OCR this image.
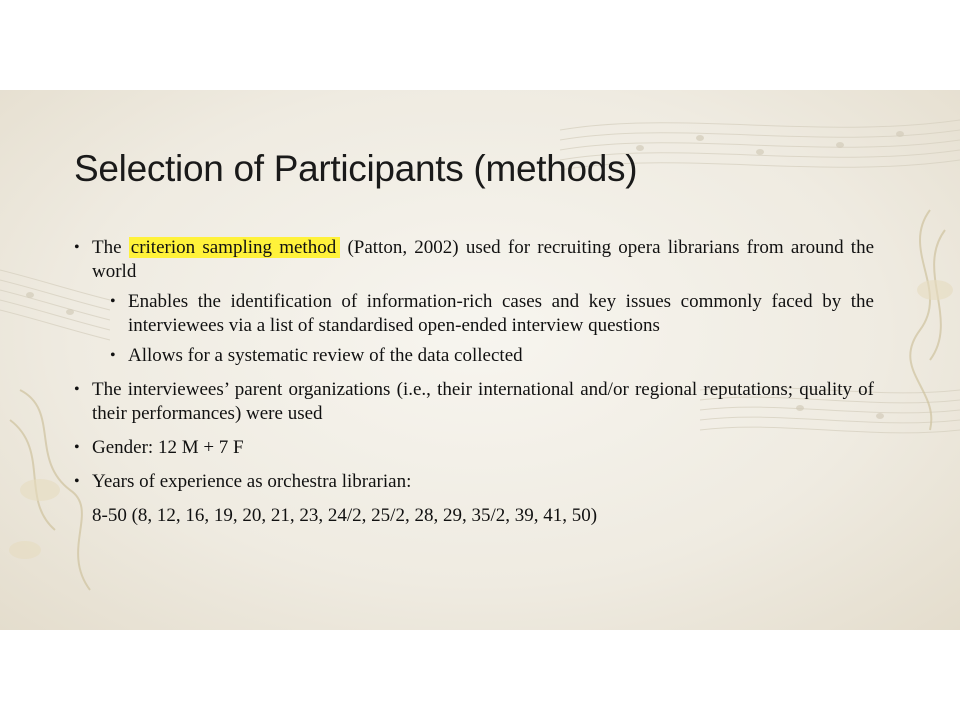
Selection of Participants (methods)
• The criterion sampling method (Patton, 2002) used for recruiting opera librarians from around the world
• Enables the identification of information-rich cases and key issues commonly faced by the interviewees via a list of standardised open-ended interview questions
• Allows for a systematic review of the data collected
• The interviewees’ parent organizations (i.e., their international and/or regional reputations; quality of their performances) were used
• Gender: 12 M + 7 F
• Years of experience as orchestra librarian:
8-50 (8, 12, 16, 19, 20, 21, 23, 24/2, 25/2, 28, 29, 35/2, 39, 41, 50)
